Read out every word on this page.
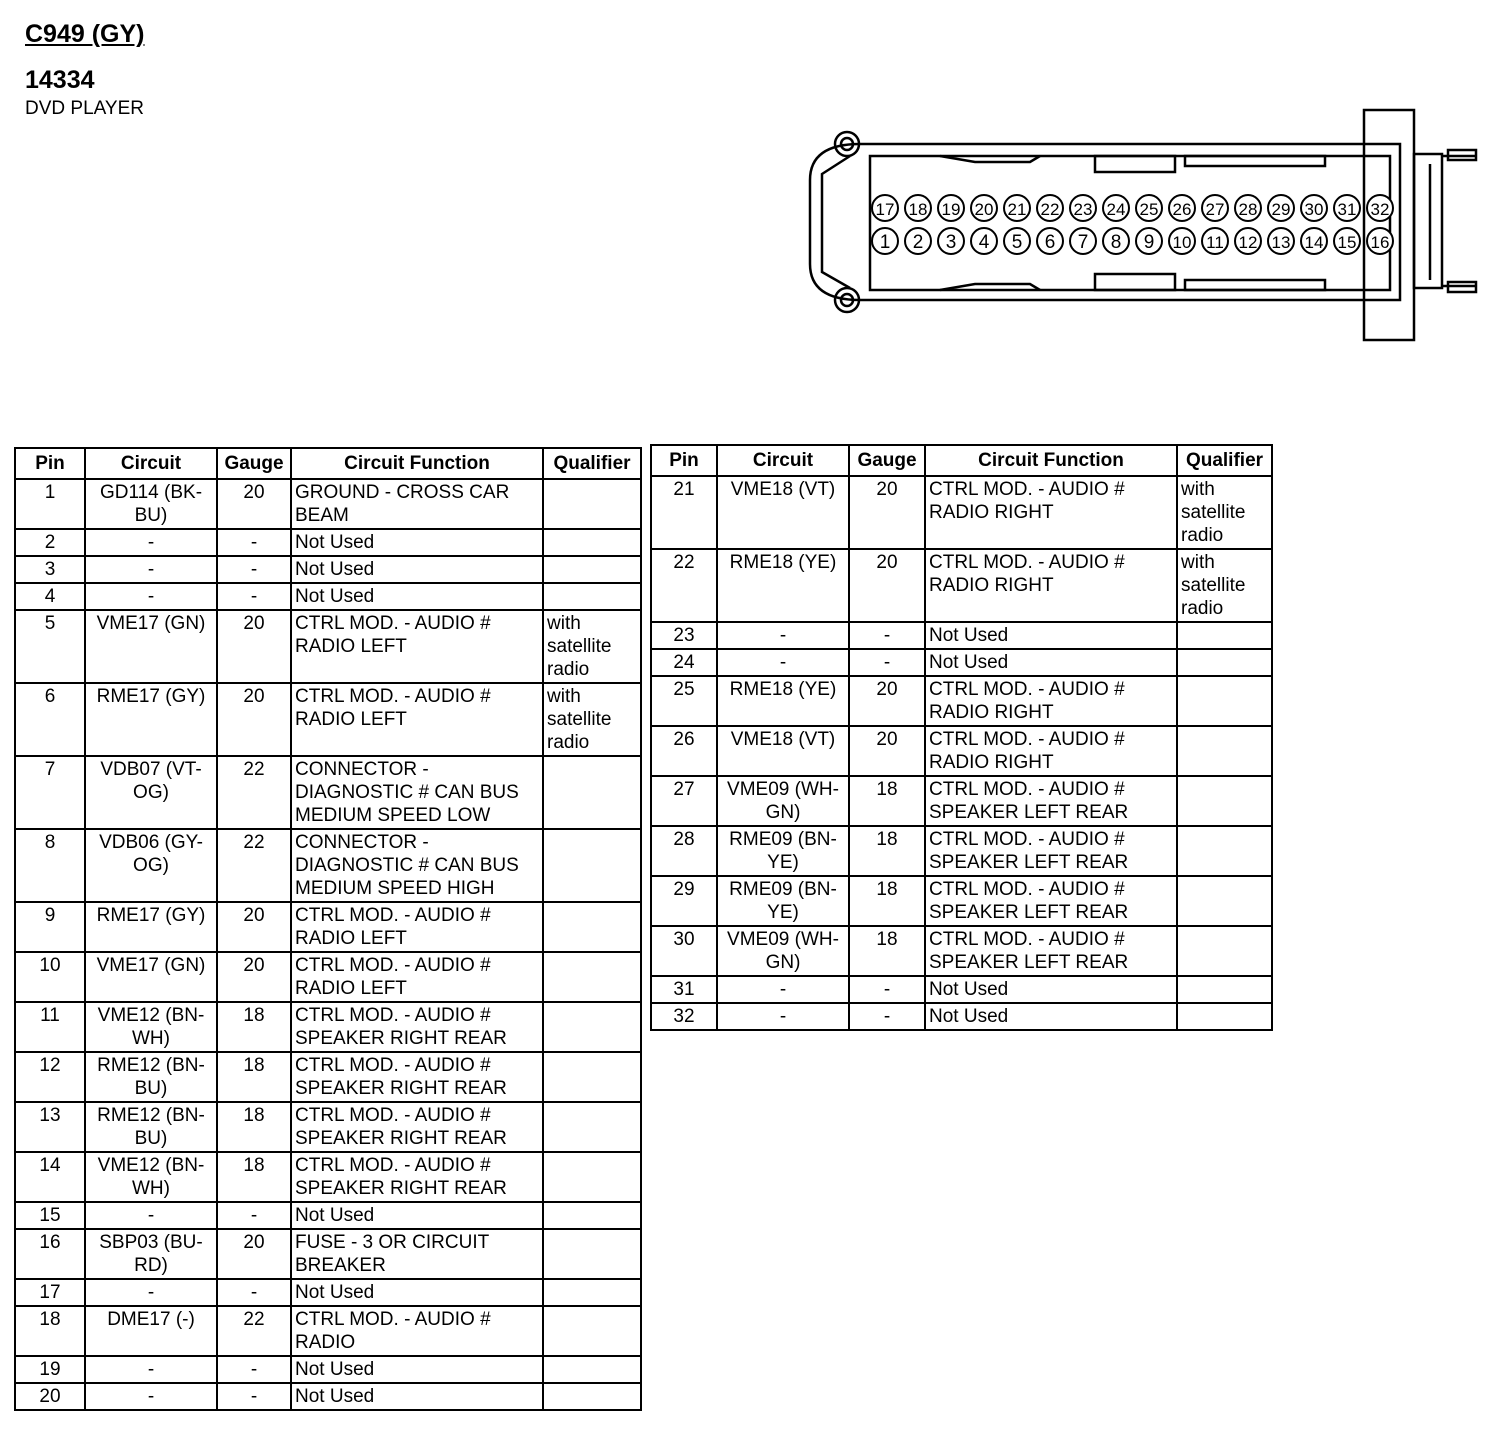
C949 (GY)
14334
DVD PLAYER
17 18 19 20 21 22 23 24 25 26 27 28 29 30 31 32
1 2 3 4 5 6 7 8 9 10 11 12 13 14 15 16
Pin	Circuit	Gauge	Circuit Function	Qualifier
1	GD114 (BK-BU)	20	GROUND - CROSS CAR BEAM	
2	-	-	Not Used	
3	-	-	Not Used	
4	-	-	Not Used	
5	VME17 (GN)	20	CTRL MOD. - AUDIO # RADIO LEFT	with satellite radio
6	RME17 (GY)	20	CTRL MOD. - AUDIO # RADIO LEFT	with satellite radio
7	VDB07 (VT-OG)	22	CONNECTOR - DIAGNOSTIC # CAN BUS MEDIUM SPEED LOW	
8	VDB06 (GY-OG)	22	CONNECTOR - DIAGNOSTIC # CAN BUS MEDIUM SPEED HIGH	
9	RME17 (GY)	20	CTRL MOD. - AUDIO # RADIO LEFT	
10	VME17 (GN)	20	CTRL MOD. - AUDIO # RADIO LEFT	
11	VME12 (BN-WH)	18	CTRL MOD. - AUDIO # SPEAKER RIGHT REAR	
12	RME12 (BN-BU)	18	CTRL MOD. - AUDIO # SPEAKER RIGHT REAR	
13	RME12 (BN-BU)	18	CTRL MOD. - AUDIO # SPEAKER RIGHT REAR	
14	VME12 (BN-WH)	18	CTRL MOD. - AUDIO # SPEAKER RIGHT REAR	
15	-	-	Not Used	
16	SBP03 (BU-RD)	20	FUSE - 3 OR CIRCUIT BREAKER	
17	-	-	Not Used	
18	DME17 (-)	22	CTRL MOD. - AUDIO # RADIO	
19	-	-	Not Used	
20	-	-	Not Used	
Pin	Circuit	Gauge	Circuit Function	Qualifier
21	VME18 (VT)	20	CTRL MOD. - AUDIO # RADIO RIGHT	with satellite radio
22	RME18 (YE)	20	CTRL MOD. - AUDIO # RADIO RIGHT	with satellite radio
23	-	-	Not Used	
24	-	-	Not Used	
25	RME18 (YE)	20	CTRL MOD. - AUDIO # RADIO RIGHT	
26	VME18 (VT)	20	CTRL MOD. - AUDIO # RADIO RIGHT	
27	VME09 (WH-GN)	18	CTRL MOD. - AUDIO # SPEAKER LEFT REAR	
28	RME09 (BN-YE)	18	CTRL MOD. - AUDIO # SPEAKER LEFT REAR	
29	RME09 (BN-YE)	18	CTRL MOD. - AUDIO # SPEAKER LEFT REAR	
30	VME09 (WH-GN)	18	CTRL MOD. - AUDIO # SPEAKER LEFT REAR	
31	-	-	Not Used	
32	-	-	Not Used	
